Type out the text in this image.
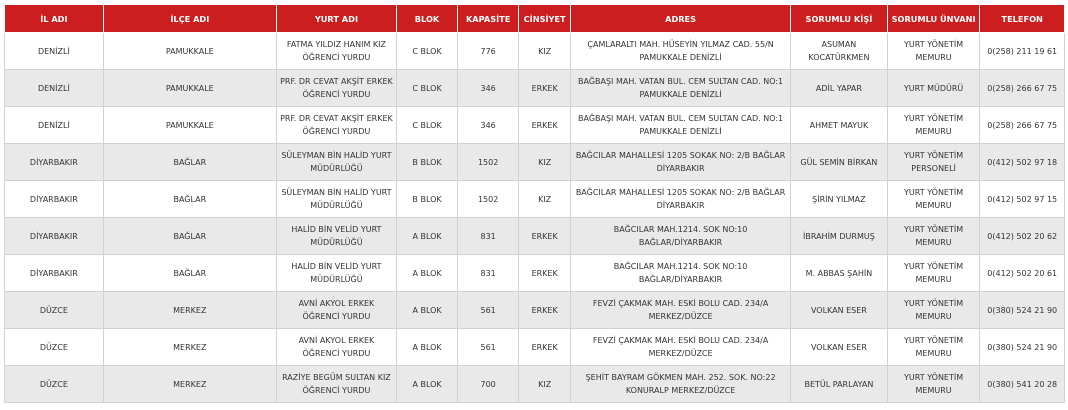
İL ADI	İLÇE ADI	YURT ADI	BLOK	KAPASİTE	CİNSİYET	ADRES	SORUMLU KİŞİ	SORUMLU ÜNVANI	TELEFON
DENİZLİ	PAMUKKALE	FATMA YILDIZ HANIM KIZ ÖĞRENCİ YURDU	C BLOK	776	KIZ	ÇAMLARALTI MAH. HÜSEYİN YILMAZ CAD. 55/N PAMUKKALE DENİZLİ	ASUMAN KOCATÜRKMEN	YURT YÖNETİM MEMURU	0(258) 211 19 61
DENİZLİ	PAMUKKALE	PRF. DR CEVAT AKŞİT ERKEK ÖĞRENCİ YURDU	C BLOK	346	ERKEK	BAĞBAŞI MAH. VATAN BUL. CEM SULTAN CAD. NO:1 PAMUKKALE DENİZLİ	ADİL YAPAR	YURT MÜDÜRÜ	0(258) 266 67 75
DENİZLİ	PAMUKKALE	PRF. DR CEVAT AKŞİT ERKEK ÖĞRENCİ YURDU	C BLOK	346	ERKEK	BAĞBAŞI MAH. VATAN BUL. CEM SULTAN CAD. NO:1 PAMUKKALE DENİZLİ	AHMET MAYUK	YURT YÖNETİM MEMURU	0(258) 266 67 75
DİYARBAKIR	BAĞLAR	SÜLEYMAN BİN HALİD YURT MÜDÜRLÜĞÜ	B BLOK	1502	KIZ	BAĞCILAR MAHALLESİ 1205 SOKAK NO: 2/B BAĞLAR DİYARBAKIR	GÜL SEMİN BİRKAN	YURT YÖNETİM PERSONELİ	0(412) 502 97 18
DİYARBAKIR	BAĞLAR	SÜLEYMAN BİN HALİD YURT MÜDÜRLÜĞÜ	B BLOK	1502	KIZ	BAĞCILAR MAHALLESİ 1205 SOKAK NO: 2/B BAĞLAR DİYARBAKIR	ŞİRİN YILMAZ	YURT YÖNETİM MEMURU	0(412) 502 97 15
DİYARBAKIR	BAĞLAR	HALİD BİN VELİD YURT MÜDÜRLÜĞÜ	A BLOK	831	ERKEK	BAĞCILAR MAH.1214. SOK NO:10 BAĞLAR/DİYARBAKIR	İBRAHİM DURMUŞ	YURT YÖNETİM MEMURU	0(412) 502 20 62
DİYARBAKIR	BAĞLAR	HALİD BİN VELİD YURT MÜDÜRLÜĞÜ	A BLOK	831	ERKEK	BAĞCILAR MAH.1214. SOK NO:10 BAĞLAR/DİYARBAKIR	M. ABBAS ŞAHİN	YURT YÖNETİM MEMURU	0(412) 502 20 61
DÜZCE	MERKEZ	AVNİ AKYOL ERKEK ÖĞRENCİ YURDU	A BLOK	561	ERKEK	FEVZİ ÇAKMAK MAH. ESKİ BOLU CAD. 234/A MERKEZ/DÜZCE	VOLKAN ESER	YURT YÖNETİM MEMURU	0(380) 524 21 90
DÜZCE	MERKEZ	AVNİ AKYOL ERKEK ÖĞRENCİ YURDU	A BLOK	561	ERKEK	FEVZİ ÇAKMAK MAH. ESKİ BOLU CAD. 234/A MERKEZ/DÜZCE	VOLKAN ESER	YURT YÖNETİM MEMURU	0(380) 524 21 90
DÜZCE	MERKEZ	RAZİYE BEGÜM SULTAN KIZ ÖĞRENCİ YURDU	A BLOK	700	KIZ	ŞEHİT BAYRAM GÖKMEN MAH. 252. SOK. NO:22 KONURALP MERKEZ/DÜZCE	BETÜL PARLAYAN	YURT YÖNETİM MEMURU	0(380) 541 20 28
